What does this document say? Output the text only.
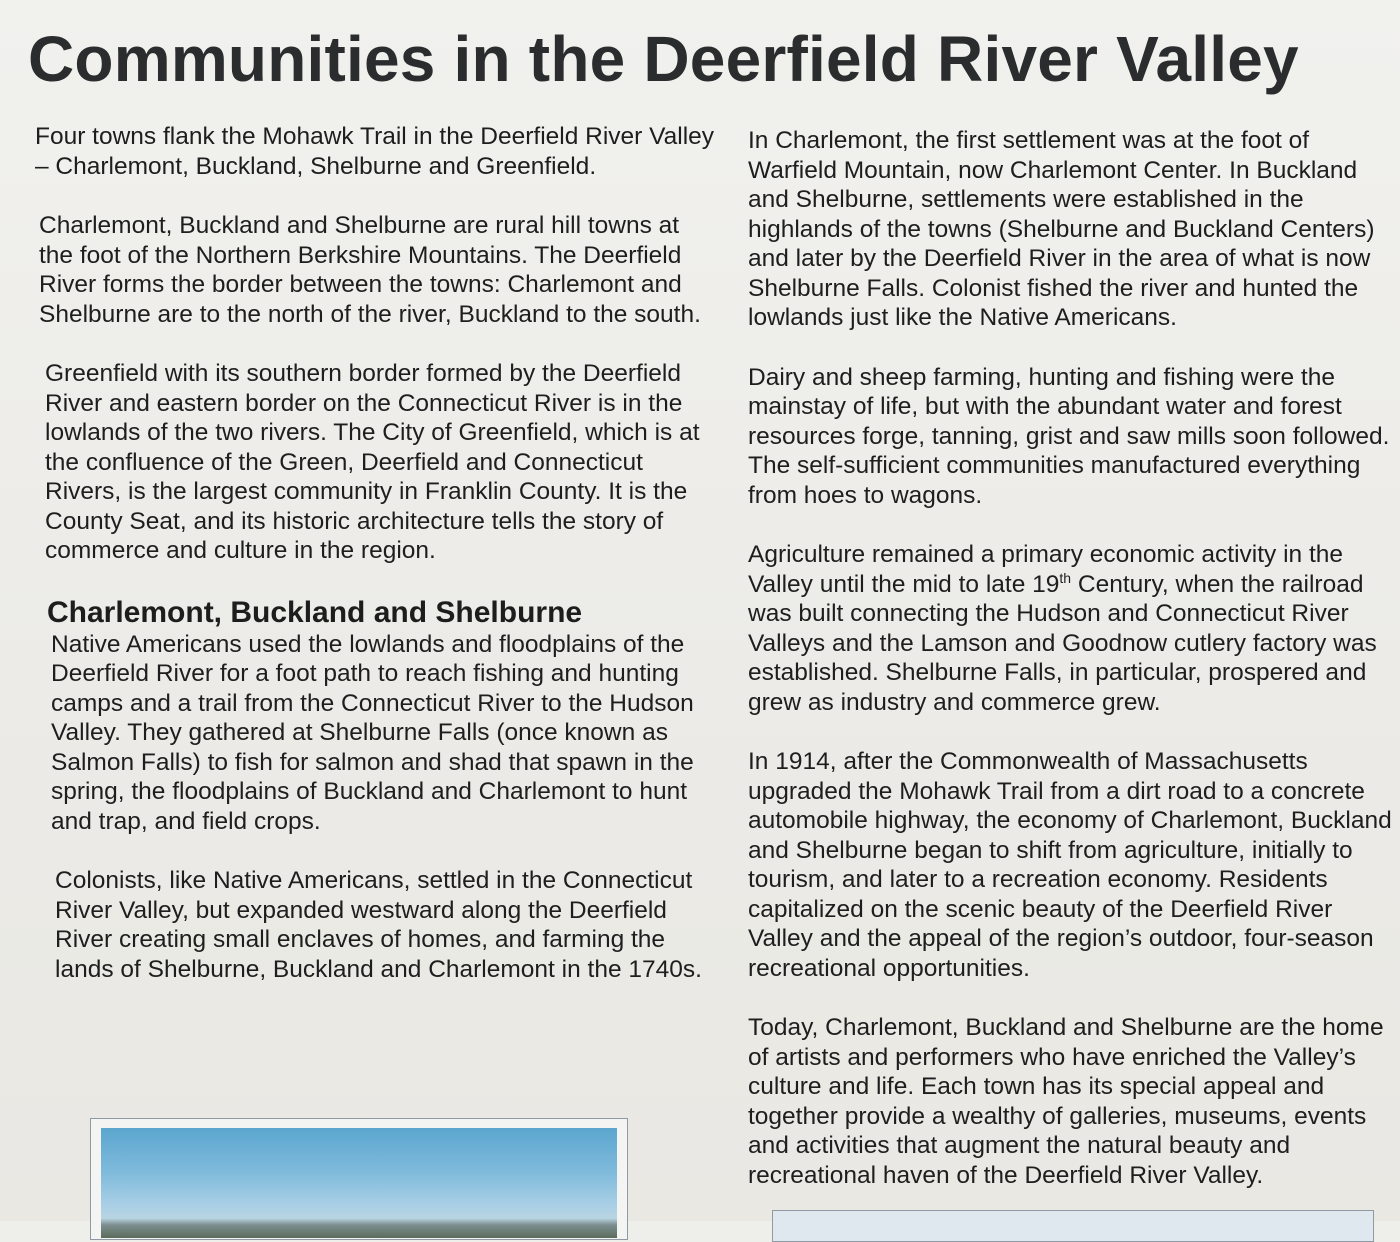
Communities in the Deerfield River Valley

Four towns flank the Mohawk Trail in the Deerfield River Valley – Charlemont, Buckland, Shelburne and Greenfield.

Charlemont, Buckland and Shelburne are rural hill towns at the foot of the Northern Berkshire Mountains. The Deerfield River forms the border between the towns: Charlemont and Shelburne are to the north of the river, Buckland to the south.

Greenfield with its southern border formed by the Deerfield River and eastern border on the Connecticut River is in the lowlands of the two rivers. The City of Greenfield, which is at the confluence of the Green, Deerfield and Connecticut Rivers, is the largest community in Franklin County. It is the County Seat, and its historic architecture tells the story of commerce and culture in the region.

Charlemont, Buckland and Shelburne

Native Americans used the lowlands and floodplains of the Deerfield River for a foot path to reach fishing and hunting camps and a trail from the Connecticut River to the Hudson Valley. They gathered at Shelburne Falls (once known as Salmon Falls) to fish for salmon and shad that spawn in the spring, the floodplains of Buckland and Charlemont to hunt and trap, and field crops.

Colonists, like Native Americans, settled in the Connecticut River Valley, but expanded westward along the Deerfield River creating small enclaves of homes, and farming the lands of Shelburne, Buckland and Charlemont in the 1740s.

In Charlemont, the first settlement was at the foot of Warfield Mountain, now Charlemont Center. In Buckland and Shelburne, settlements were established in the highlands of the towns (Shelburne and Buckland Centers) and later by the Deerfield River in the area of what is now Shelburne Falls. Colonist fished the river and hunted the lowlands just like the Native Americans.

Dairy and sheep farming, hunting and fishing were the mainstay of life, but with the abundant water and forest resources forge, tanning, grist and saw mills soon followed. The self-sufficient communities manufactured everything from hoes to wagons.

Agriculture remained a primary economic activity in the Valley until the mid to late 19th Century, when the railroad was built connecting the Hudson and Connecticut River Valleys and the Lamson and Goodnow cutlery factory was established. Shelburne Falls, in particular, prospered and grew as industry and commerce grew.

In 1914, after the Commonwealth of Massachusetts upgraded the Mohawk Trail from a dirt road to a concrete automobile highway, the economy of Charlemont, Buckland and Shelburne began to shift from agriculture, initially to tourism, and later to a recreation economy. Residents capitalized on the scenic beauty of the Deerfield River Valley and the appeal of the region’s outdoor, four-season recreational opportunities.

Today, Charlemont, Buckland and Shelburne are the home of artists and performers who have enriched the Valley’s culture and life. Each town has its special appeal and together provide a wealthy of galleries, museums, events and activities that augment the natural beauty and recreational haven of the Deerfield River Valley.
